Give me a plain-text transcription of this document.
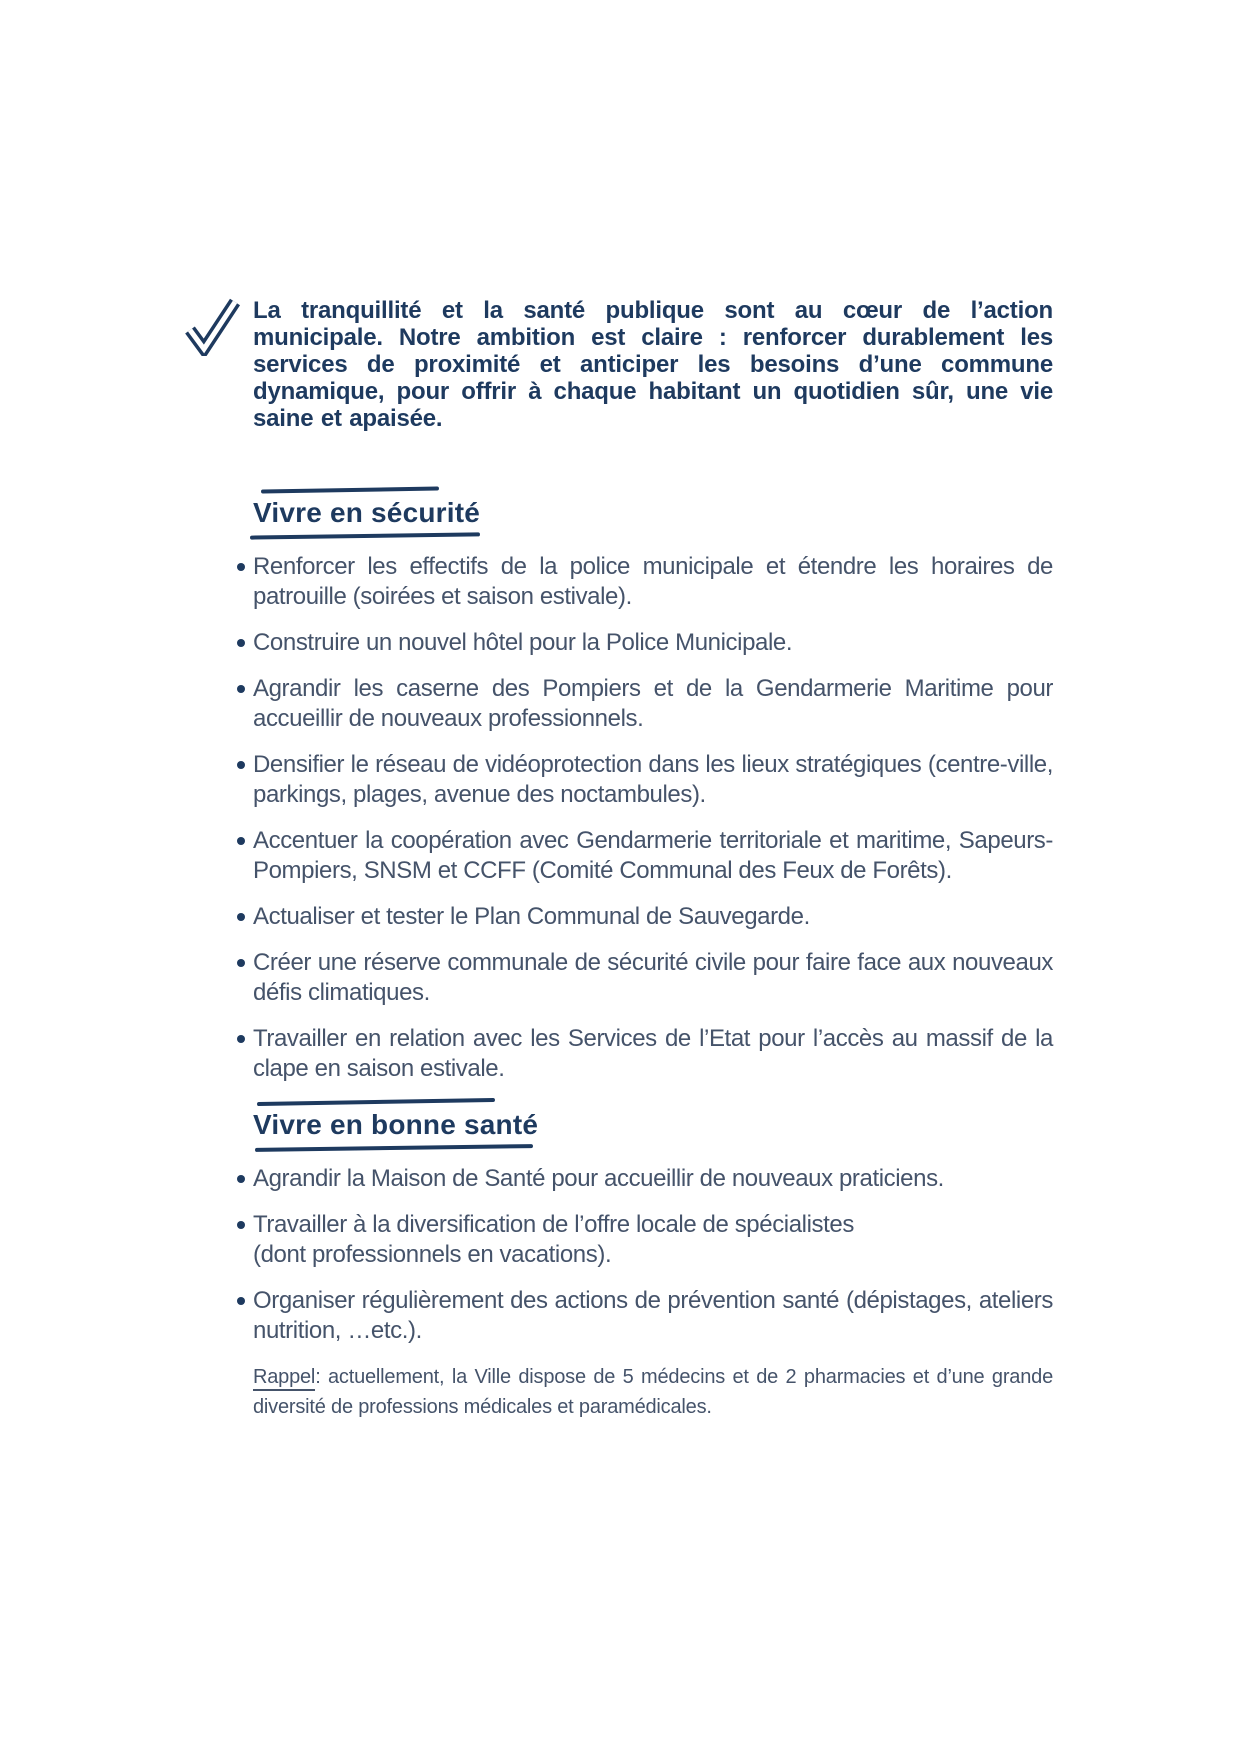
La tranquillité et la santé publique sont au cœur de l’action municipale. Notre ambition est claire : renforcer durablement les services de proximité et anticiper les besoins d’une commune dynamique, pour offrir à chaque habitant un quotidien sûr, une vie saine et apaisée.

Vivre en sécurité

Renforcer les effectifs de la police municipale et étendre les horaires de patrouille (soirées et saison estivale).

Construire un nouvel hôtel pour la Police Municipale.

Agrandir les caserne des Pompiers et de la Gendarmerie Maritime pour accueillir de nouveaux professionnels.

Densifier le réseau de vidéoprotection dans les lieux stratégiques (centre-ville, parkings, plages, avenue des noctambules).

Accentuer la coopération avec Gendarmerie territoriale et maritime, Sapeurs-Pompiers, SNSM et CCFF (Comité Communal des Feux de Forêts).

Actualiser et tester le Plan Communal de Sauvegarde.

Créer une réserve communale de sécurité civile pour faire face aux nouveaux défis climatiques.

Travailler en relation avec les Services de l’Etat pour l’accès au massif de la clape en saison estivale.

Vivre en bonne santé

Agrandir la Maison de Santé pour accueillir de nouveaux praticiens.

Travailler à la diversification de l’offre locale de spécialistes
(dont professionnels en vacations).

Organiser régulièrement des actions de prévention santé (dépistages, ateliers nutrition, …etc.).

Rappel: actuellement, la Ville dispose de 5 médecins et de 2 pharmacies et d’une grande diversité de professions médicales et paramédicales.
